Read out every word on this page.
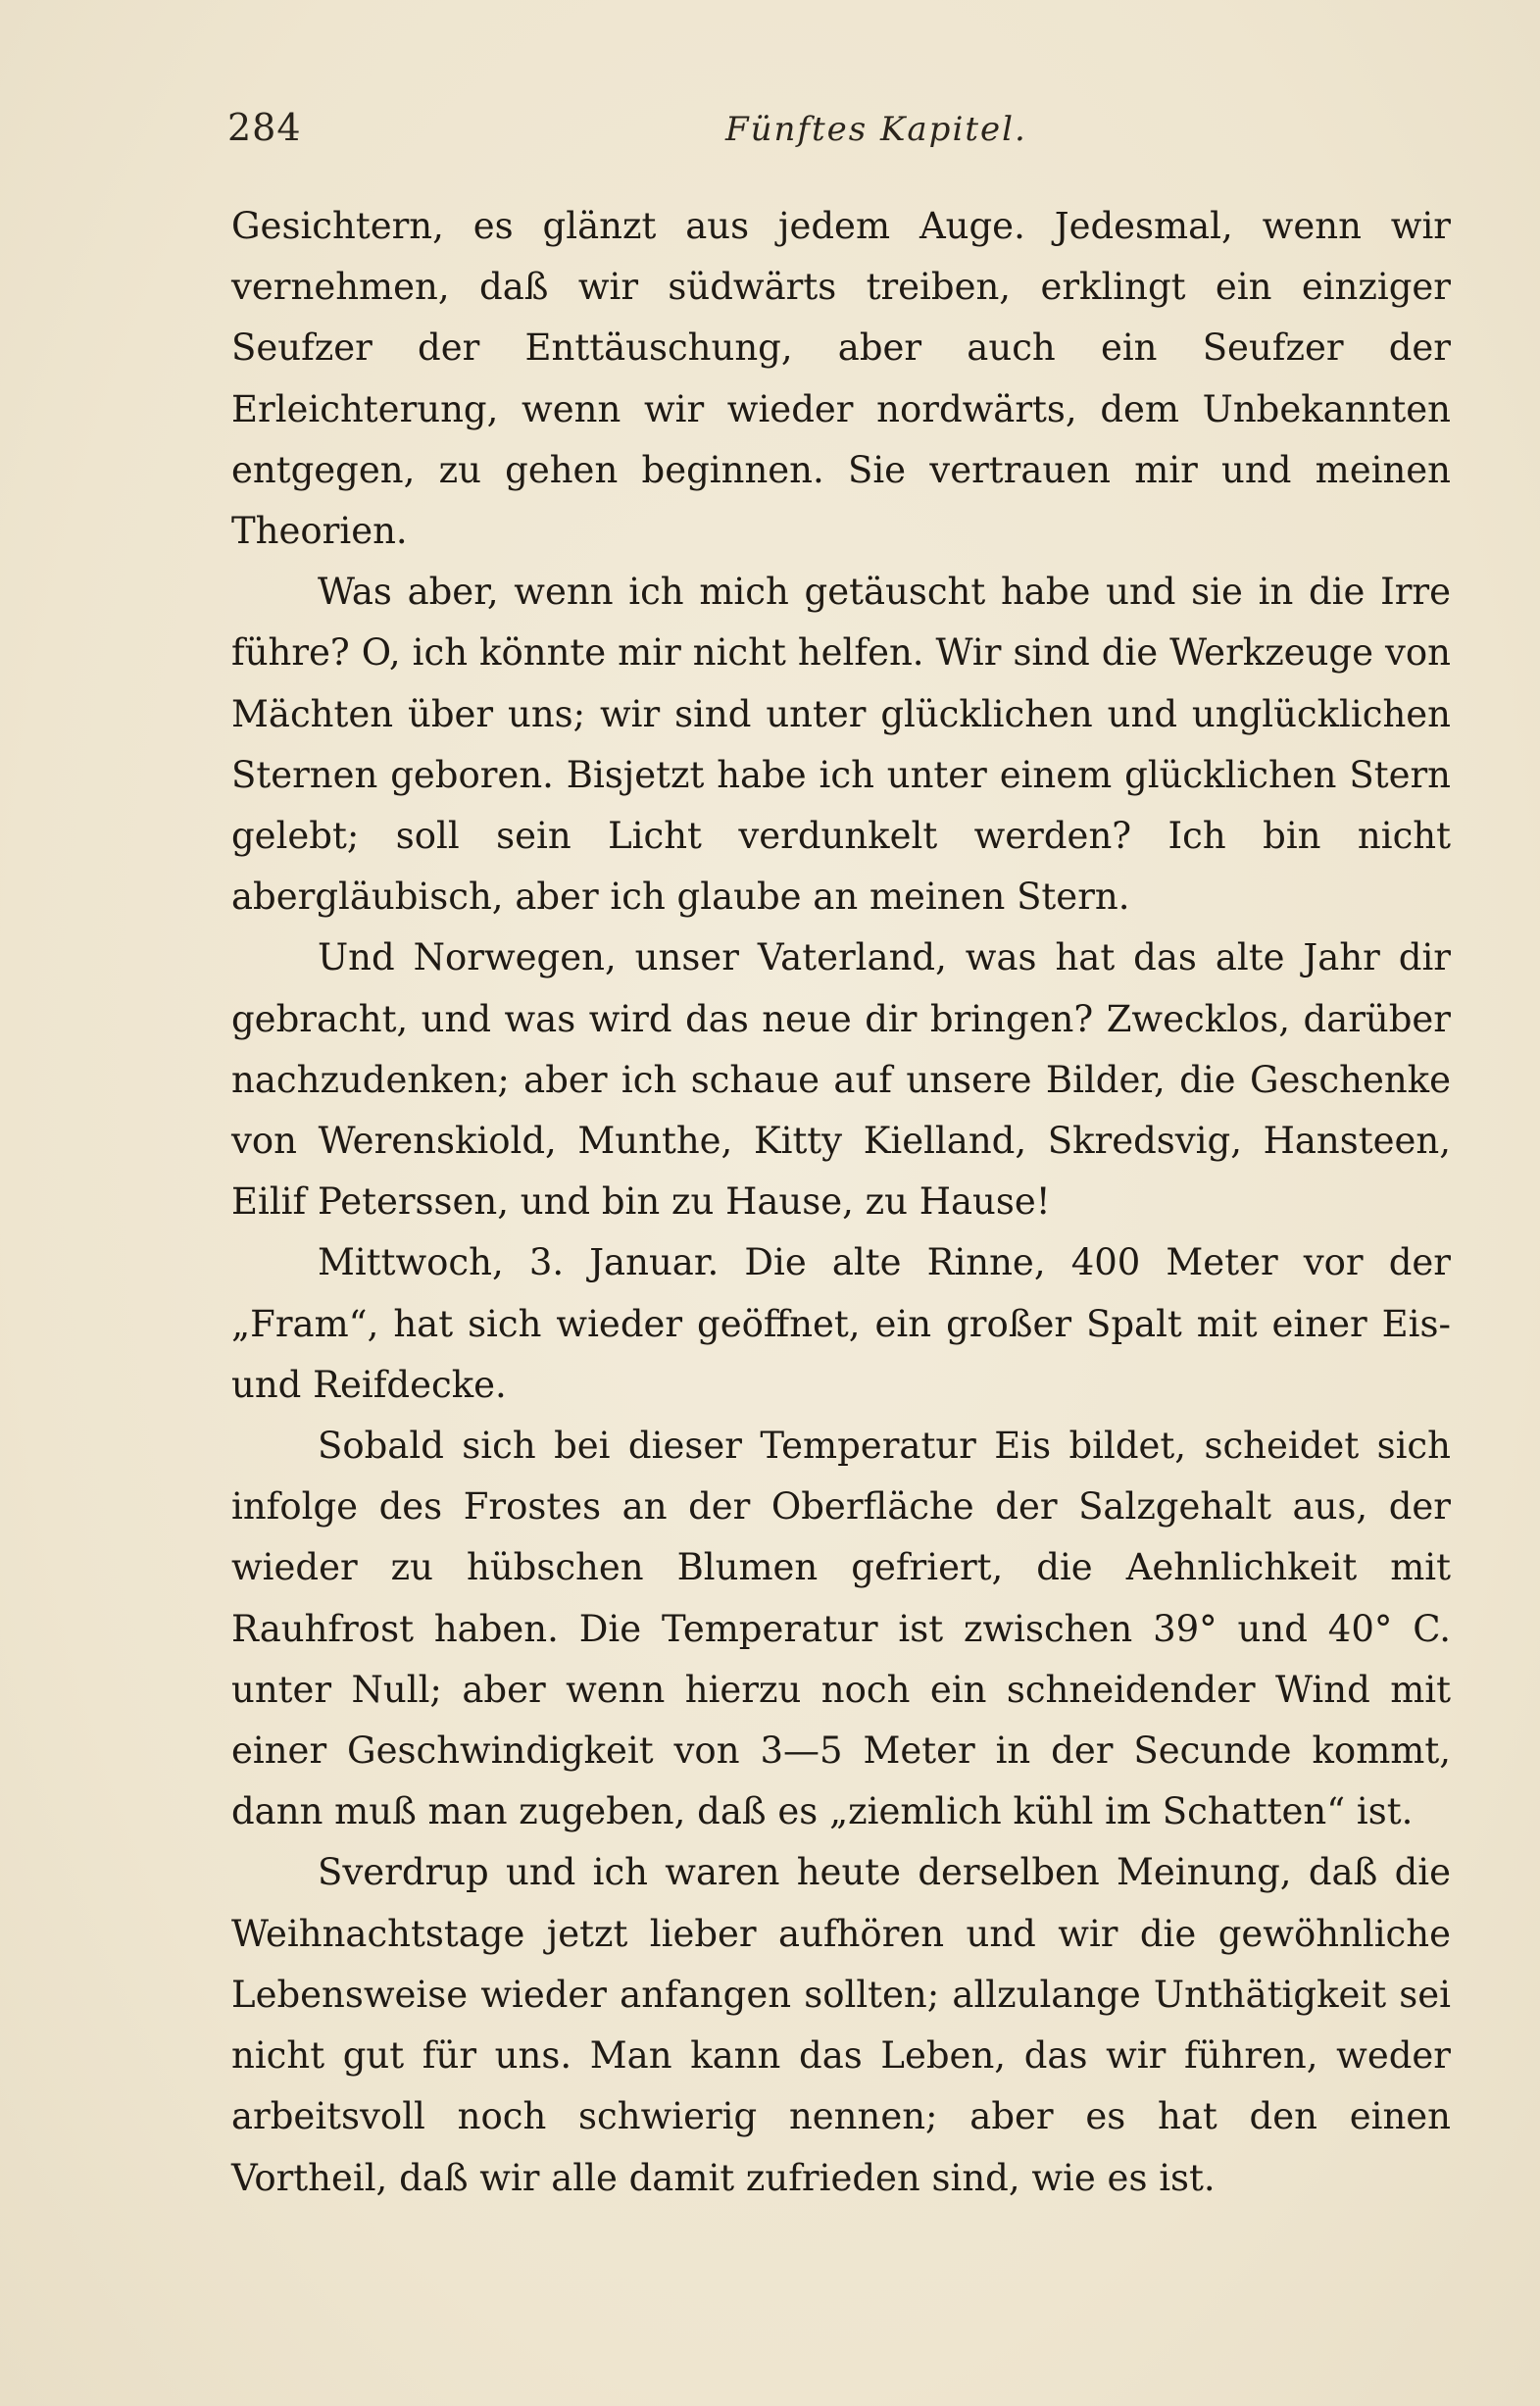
284	Fünftes Kapitel.

Gesichtern, es glänzt aus jedem Auge. Jedesmal, wenn wir vernehmen, daß wir südwärts treiben, erklingt ein einziger Seufzer der Enttäuschung, aber auch ein Seufzer der Erleichterung, wenn wir wieder nordwärts, dem Unbekannten entgegen, zu gehen beginnen. Sie vertrauen mir und meinen Theorien.

Was aber, wenn ich mich getäuscht habe und sie in die Irre führe? O, ich könnte mir nicht helfen. Wir sind die Werkzeuge von Mächten über uns; wir sind unter glücklichen und unglücklichen Sternen geboren. Bisjetzt habe ich unter einem glücklichen Stern gelebt; soll sein Licht verdunkelt werden? Ich bin nicht abergläubisch, aber ich glaube an meinen Stern.

Und Norwegen, unser Vaterland, was hat das alte Jahr dir gebracht, und was wird das neue dir bringen? Zwecklos, darüber nachzudenken; aber ich schaue auf unsere Bilder, die Geschenke von Werenskiold, Munthe, Kitty Kielland, Skredsvig, Hansteen, Eilif Peterssen, und bin zu Hause, zu Hause!

Mittwoch, 3. Januar. Die alte Rinne, 400 Meter vor der „Fram“, hat sich wieder geöffnet, ein großer Spalt mit einer Eis- und Reifdecke.

Sobald sich bei dieser Temperatur Eis bildet, scheidet sich infolge des Frostes an der Oberfläche der Salzgehalt aus, der wieder zu hübschen Blumen gefriert, die Aehnlichkeit mit Rauhfrost haben. Die Temperatur ist zwischen 39° und 40° C. unter Null; aber wenn hierzu noch ein schneidender Wind mit einer Geschwindigkeit von 3—5 Meter in der Secunde kommt, dann muß man zugeben, daß es „ziemlich kühl im Schatten“ ist.

Sverdrup und ich waren heute derselben Meinung, daß die Weihnachtstage jetzt lieber aufhören und wir die gewöhnliche Lebensweise wieder anfangen sollten; allzulange Unthätigkeit sei nicht gut für uns. Man kann das Leben, das wir führen, weder arbeitsvoll noch schwierig nennen; aber es hat den einen Vortheil, daß wir alle damit zufrieden sind, wie es ist.
